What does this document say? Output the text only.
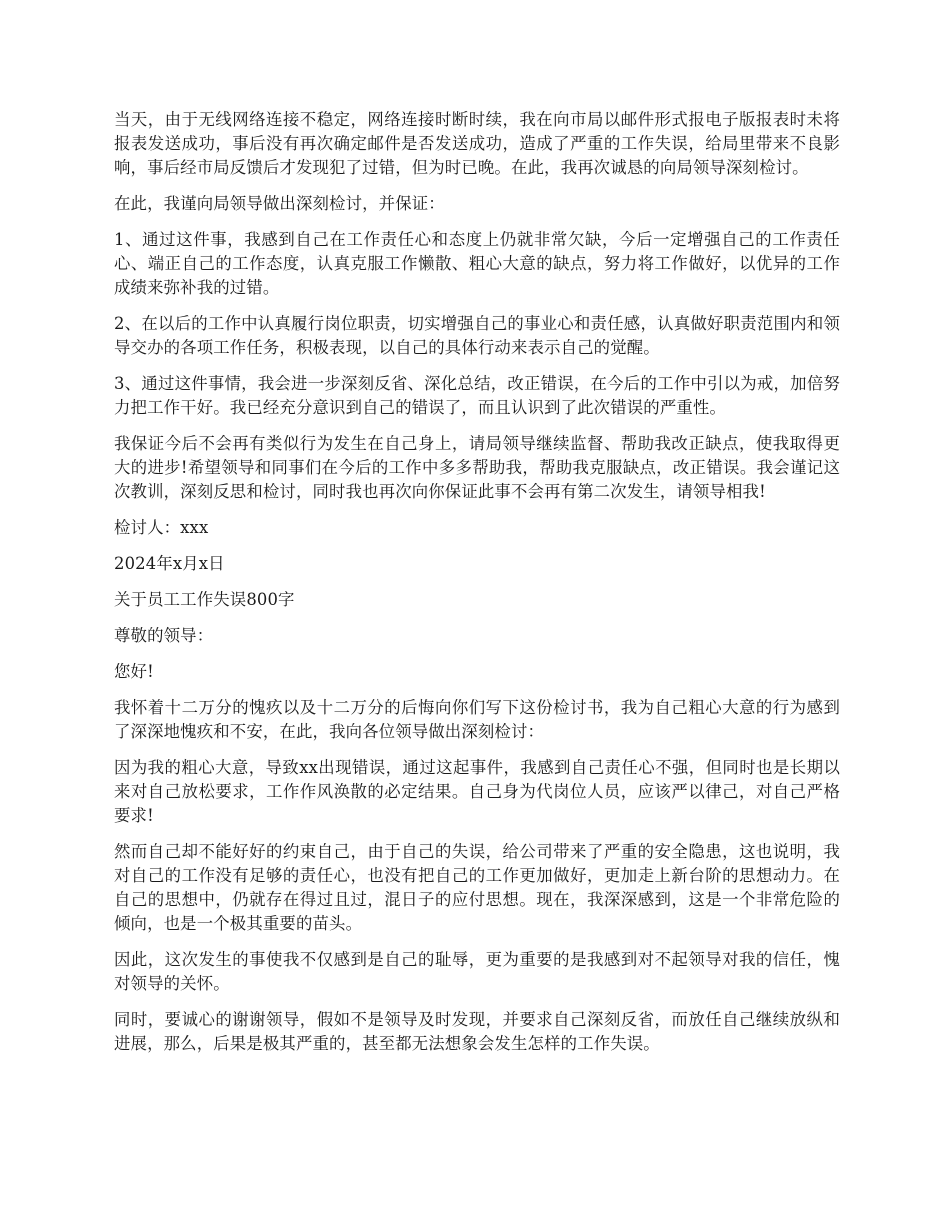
当天，由于无线网络连接不稳定，网络连接时断时续，我在向市局以邮件形式报电子版报表时未将报表发送成功，事后没有再次确定邮件是否发送成功，造成了严重的工作失误，给局里带来不良影响，事后经市局反馈后才发现犯了过错，但为时已晚。在此，我再次诚恳的向局领导深刻检讨。

在此，我谨向局领导做出深刻检讨，并保证：

1、通过这件事，我感到自己在工作责任心和态度上仍就非常欠缺，今后一定增强自己的工作责任心、端正自己的工作态度，认真克服工作懒散、粗心大意的缺点，努力将工作做好，以优异的工作成绩来弥补我的过错。

2、在以后的工作中认真履行岗位职责，切实增强自己的事业心和责任感，认真做好职责范围内和领导交办的各项工作任务，积极表现，以自己的具体行动来表示自己的觉醒。

3、通过这件事情，我会进一步深刻反省、深化总结，改正错误，在今后的工作中引以为戒，加倍努力把工作干好。我已经充分意识到自己的错误了，而且认识到了此次错误的严重性。

我保证今后不会再有类似行为发生在自己身上，请局领导继续监督、帮助我改正缺点，使我取得更大的进步!希望领导和同事们在今后的工作中多多帮助我，帮助我克服缺点，改正错误。我会谨记这次教训，深刻反思和检讨，同时我也再次向你保证此事不会再有第二次发生，请领导相我!

检讨人：xxx

2024年x月x日

关于员工工作失误800字

尊敬的领导：

您好!

我怀着十二万分的愧疚以及十二万分的后悔向你们写下这份检讨书，我为自己粗心大意的行为感到了深深地愧疚和不安，在此，我向各位领导做出深刻检讨：

因为我的粗心大意，导致xx出现错误，通过这起事件，我感到自己责任心不强，但同时也是长期以来对自己放松要求，工作作风涣散的必定结果。自己身为代岗位人员，应该严以律己，对自己严格要求!

然而自己却不能好好的约束自己，由于自己的失误，给公司带来了严重的安全隐患，这也说明，我对自己的工作没有足够的责任心，也没有把自己的工作更加做好，更加走上新台阶的思想动力。在自己的思想中，仍就存在得过且过，混日子的应付思想。现在，我深深感到，这是一个非常危险的倾向，也是一个极其重要的苗头。

因此，这次发生的事使我不仅感到是自己的耻辱，更为重要的是我感到对不起领导对我的信任，愧对领导的关怀。

同时，要诚心的谢谢领导，假如不是领导及时发现，并要求自己深刻反省，而放任自己继续放纵和进展，那么，后果是极其严重的，甚至都无法想象会发生怎样的工作失误。
